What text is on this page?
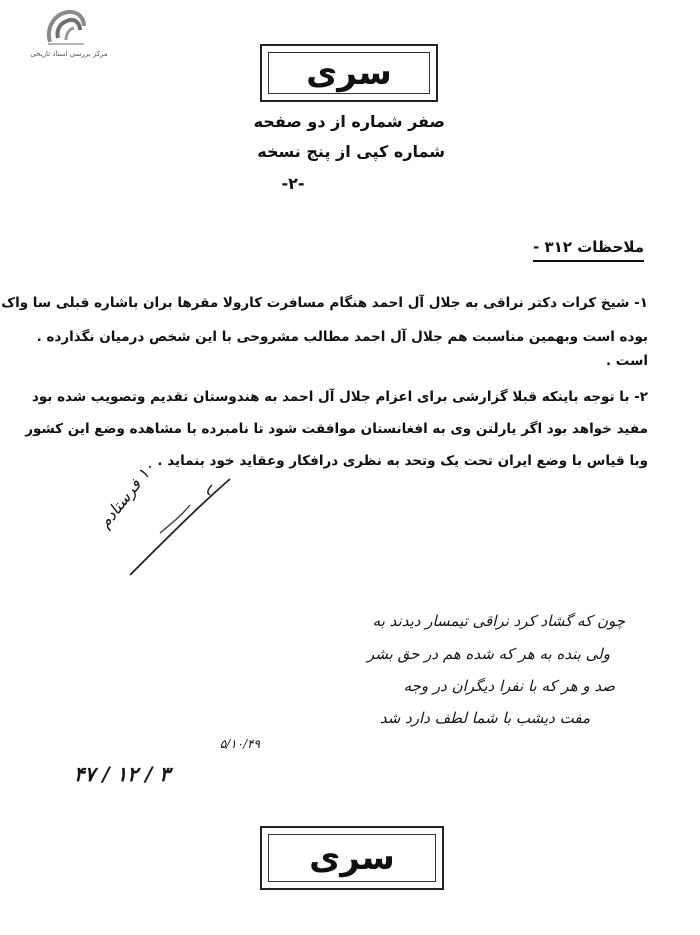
مرکز بررسی اسناد تاریخی	سری
صفر شماره از دو صفحه
شماره کپی از پنج نسخه
-۲-
ملاحظات ۳۱۲ -
۱- شیخ کرات دکتر نراقی به جلال آل احمد هنگام مسافرت کارولا مقرها بران باشاره قبلی سا واک
بوده است وبهمین مناسبت هم جلال آل احمد مطالب مشروحی با این شخص درمیان نگذارده .
است .
۲- با توجه باینکه قبلا گزارشی برای اعزام جلال آل احمد به هندوستان تقدیم وتصویب شده بود
مفید خواهد بود اگر یارلتن وی به افغانستان موافقت شود تا نامبرده با مشاهده وضع این کشور
وبا قیاس با وضع ایران تحت یک وتحد به نظری درافکار وعقاید خود بنماید .
۱۰ فرستادم
چون که گشاد کرد نراقی تیمسار دیدند به
ولی بنده به هر که شده هم در حق بشر
صد و هر که با نفرا دیگران در وجه
مفت دیشب با شما لطف دارد شد
۵/۱۰/۴۹
۳ / ۱۲ / ۴۷
سری
